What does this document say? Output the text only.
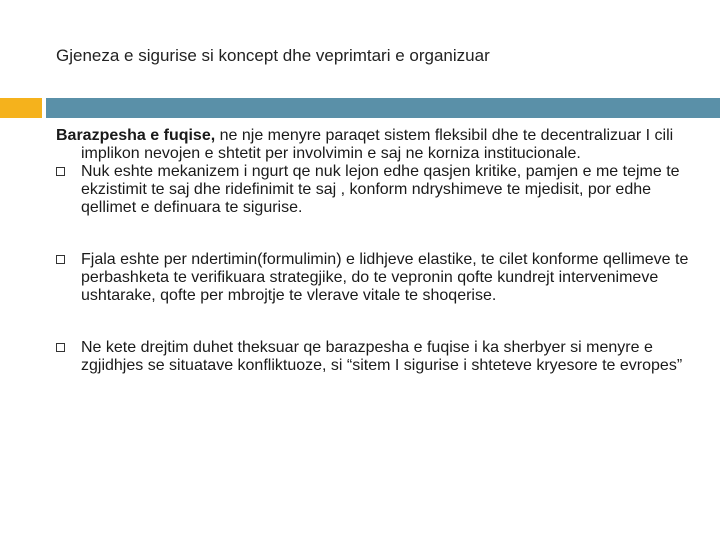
Gjeneza e sigurise si koncept dhe veprimtari e organizuar

Barazpesha e fuqise, ne nje menyre paraqet sistem fleksibil dhe te decentralizuar I cili implikon nevojen e shtetit per involvimin e saj ne korniza institucionale.

Nuk eshte mekanizem i ngurt qe nuk lejon edhe qasjen kritike, pamjen e me tejme te ekzistimit te saj dhe ridefinimit te saj , konform ndryshimeve te mjedisit, por edhe qellimet e definuara te sigurise.

Fjala eshte per ndertimin(formulimin) e lidhjeve elastike, te cilet konforme qellimeve te perbashketa te verifikuara strategjike, do te vepronin qofte kundrejt intervenimeve ushtarake, qofte per mbrojtje te vlerave vitale te shoqerise.

Ne kete drejtim duhet theksuar qe barazpesha e fuqise i ka sherbyer si menyre e zgjidhjes se situatave konfliktuoze, si “sitem I sigurise i shteteve kryesore te evropes”
